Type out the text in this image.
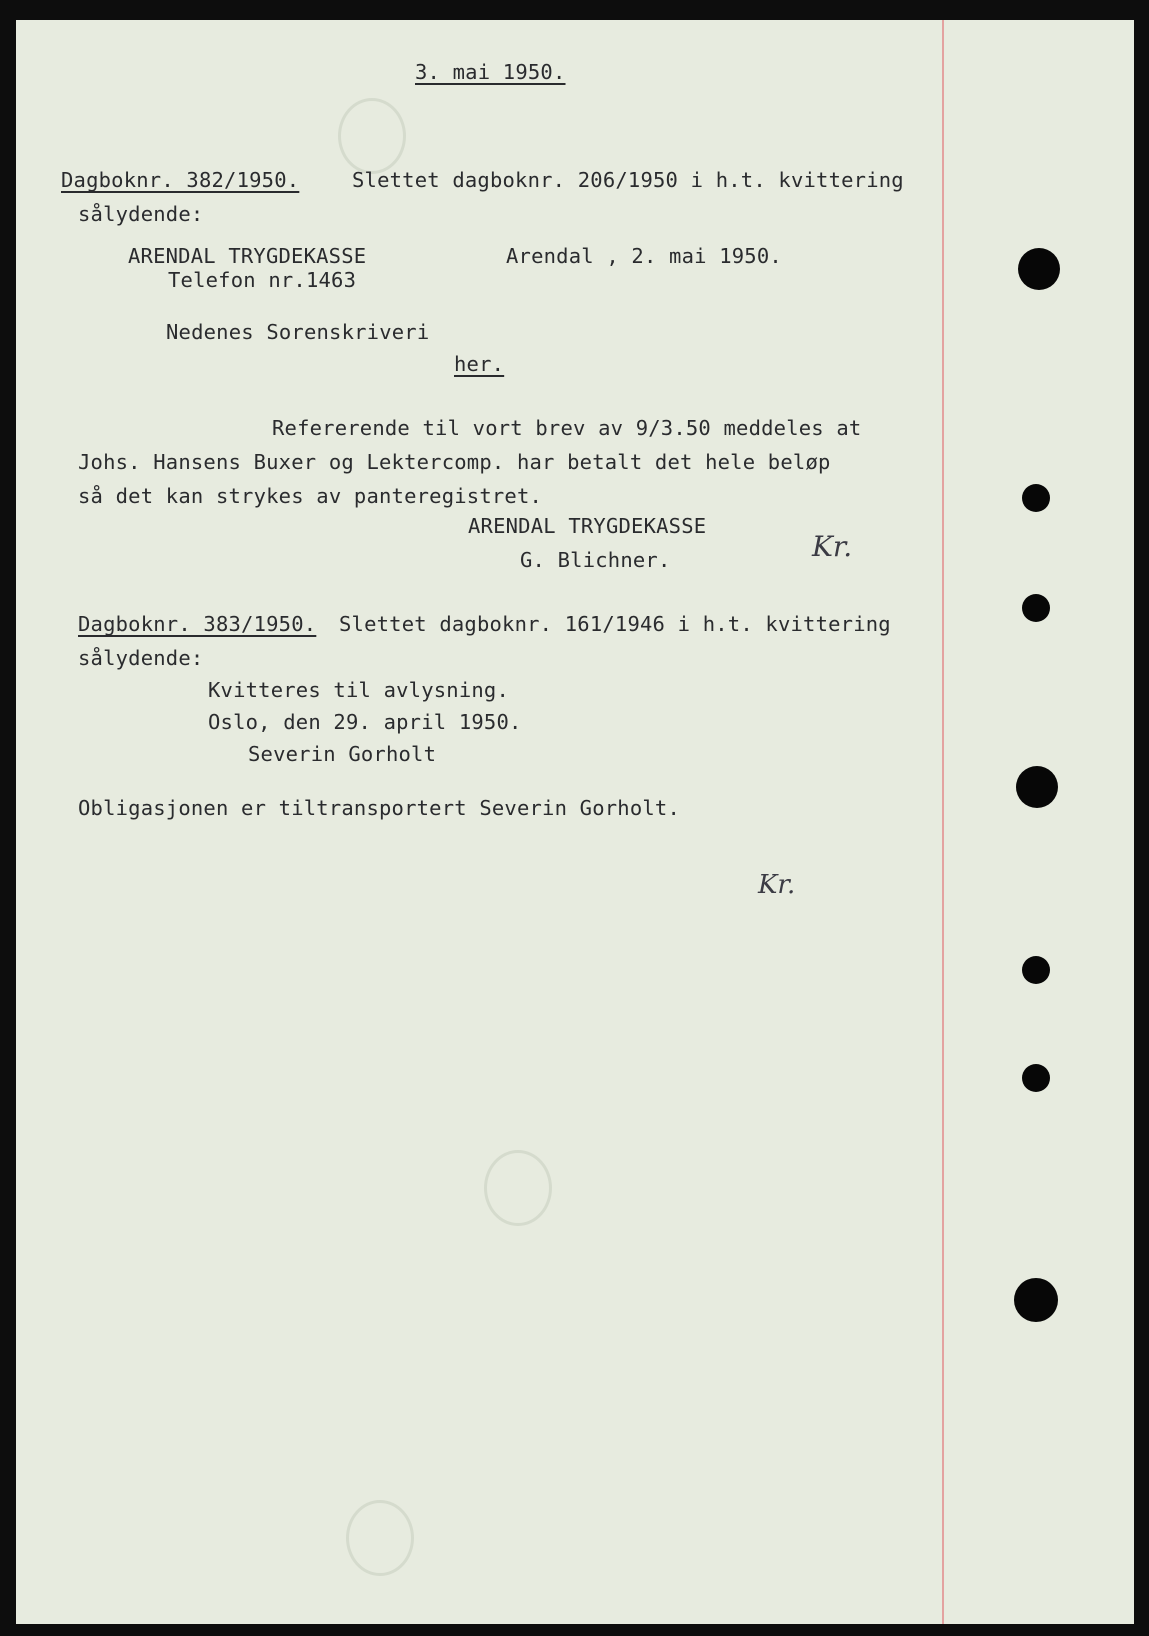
3. mai 1950.
Dagboknr. 382/1950.	Slettet dagboknr. 206/1950 i h.t. kvittering
sålydende:
ARENDAL TRYGDEKASSE	Arendal , 2. mai 1950.
Telefon nr.1463
Nedenes Sorenskriveri
her.
Refererende til vort brev av 9/3.50 meddeles at
Johs. Hansens Buxer og Lektercomp. har betalt det hele beløp
så det kan strykes av panteregistret.
ARENDAL TRYGDEKASSE
G. Blichner.	Kr.
Dagboknr. 383/1950. Slettet dagboknr. 161/1946 i h.t. kvittering
sålydende:
Kvitteres til avlysning.
Oslo, den 29. april 1950.
Severin Gorholt
Obligasjonen er tiltransportert Severin Gorholt.
Kr.
